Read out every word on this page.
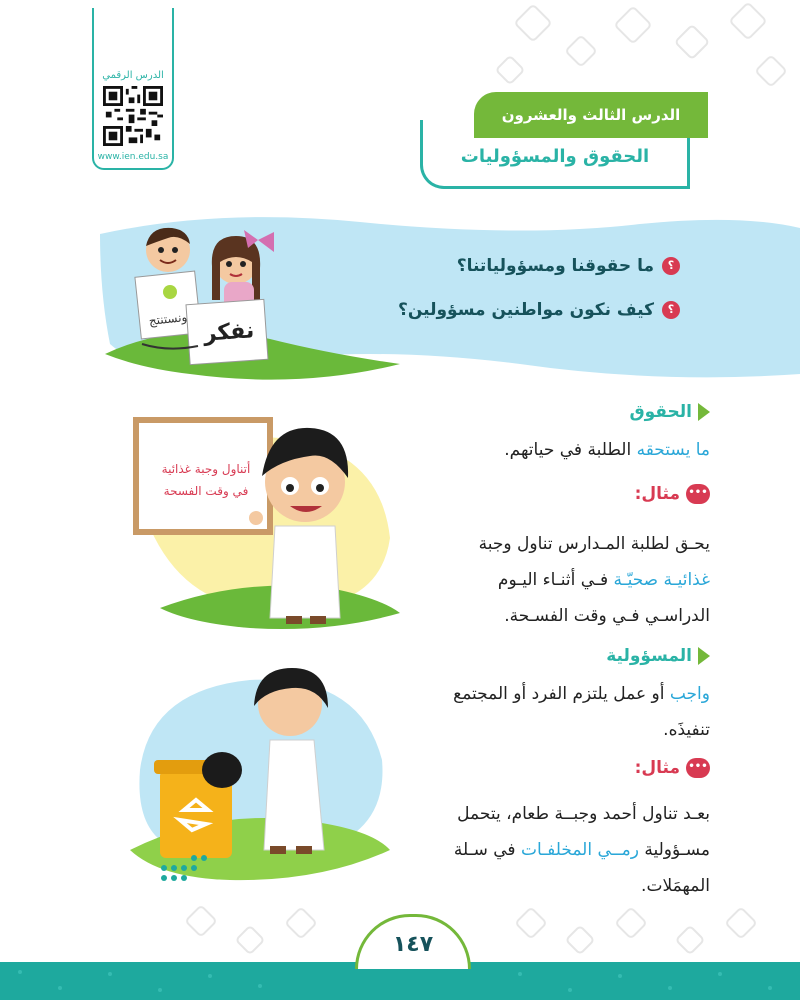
الدرس الرقمي
www.ien.edu.sa
الدرس الثالث والعشرون
الحقوق والمسؤوليات
ونستنتج نفكر
؟ما حقوقنا ومسؤولياتنا؟
؟كيف نكون مواطنين مسؤولين؟
أتناول وجبة غذائية
في وقت الفسحة
الحقوق
ما يستحقه الطلبة في حياتهم.
•••مثال:
يحـق لطلبة المـدارس تناول وجبة
غذائيـة صحيّـة فـي أثنـاء اليـوم
الدراسـي فـي وقت الفسـحة.
المسؤولية
واجب أو عمل يلتزم الفرد أو المجتمع
تنفيذَه.
•••مثال:
بعـد تناول أحمد وجبــة طعام، يتحمل
مسـؤولية رمــي المخلفـات في سـلة
المهمَلات.
١٤٧
